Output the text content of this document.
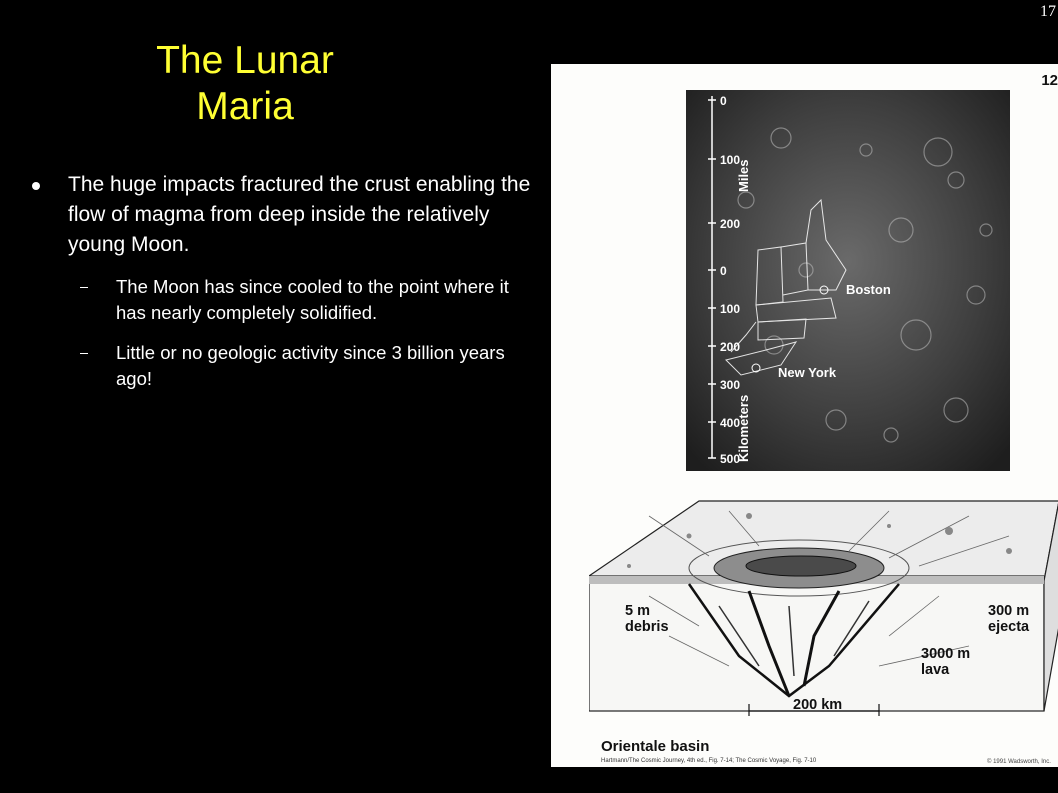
17
The Lunar
Maria
The huge impacts fractured the crust enabling the flow of magma from deep inside the relatively young Moon.
The Moon has since cooled to the point where it has nearly completely solidified.
Little or no geologic activity since 3 billion years ago!
12
0
100
200
0
100
200
300
400
500
Miles
Kilometers
Boston
New York
5 m
debris
300 m
ejecta
3000 m
lava
200 km
Orientale basin
Hartmann/The Cosmic Journey, 4th ed., Fig. 7-14; The Cosmic Voyage, Fig. 7-10	© 1991 Wadsworth, Inc.
